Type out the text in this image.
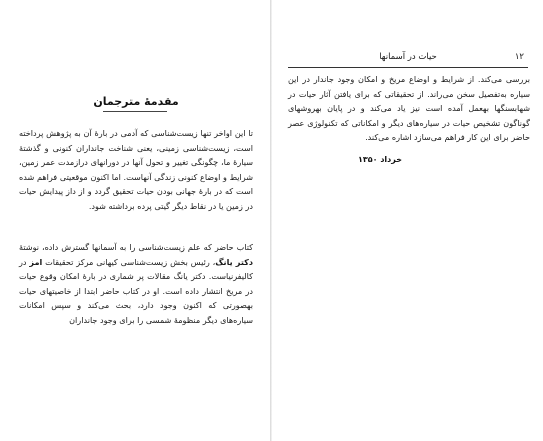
مقدمهٔ مترجمان

تا این اواخر تنها زیست‌شناسی که آدمی در بارهٔ آن به پژوهش پرداخته است، زیست‌شناسی زمینی، یعنی شناخت جانداران کنونی و گذشتهٔ سیارهٔ ما، چگونگی تغییر و تحول آنها در دورانهای درازمدت عمر زمین، شرایط و اوضاع کنونی زندگی آنهاست. اما اکنون موقعیتی فراهم شده است که در بارهٔ جهانی بودن حیات تحقیق گردد و از داز پیدایش حیات در زمین یا در نقاط دیگر گیتی پرده برداشته شود.

کتاب حاضر که علم زیست‌شناسی را به آسمانها گسترش داده، نوشتهٔ دکتر یانگ، رئیس بخش زیست‌شناسی کیهانی مرکز تحقیقات امز در کالیفرنیاست. دکتر یانگ مقالات پر شماری در بارهٔ امکان وقوع حیات در مریخ انتشار داده است. او در کتاب حاضر ابتدا از خاصیتهای حیات بهصورتی که اکنون وجود دارد، بحث می‌کند و سپس امکانات سیاره‌های دیگر منظومهٔ شمسی را برای وجود جانداران

۱۲
حیات در آسمانها

بررسی می‌کند. از شرایط و اوضاع مریخ و امکان وجود جاندار در این سیاره به‌تفصیل سخن می‌راند. از تحقیقاتی که برای یافتن آثار حیات در شهابسنگها بهعمل آمده است نیز یاد می‌کند و در پایان بهروشهای گوناگون تشخیص حیات در سیاره‌های دیگر و امکاناتی که تکنولوژی عصر حاضر برای این کار فراهم می‌سازد اشاره می‌کند.

خرداد ۱۳۵۰
